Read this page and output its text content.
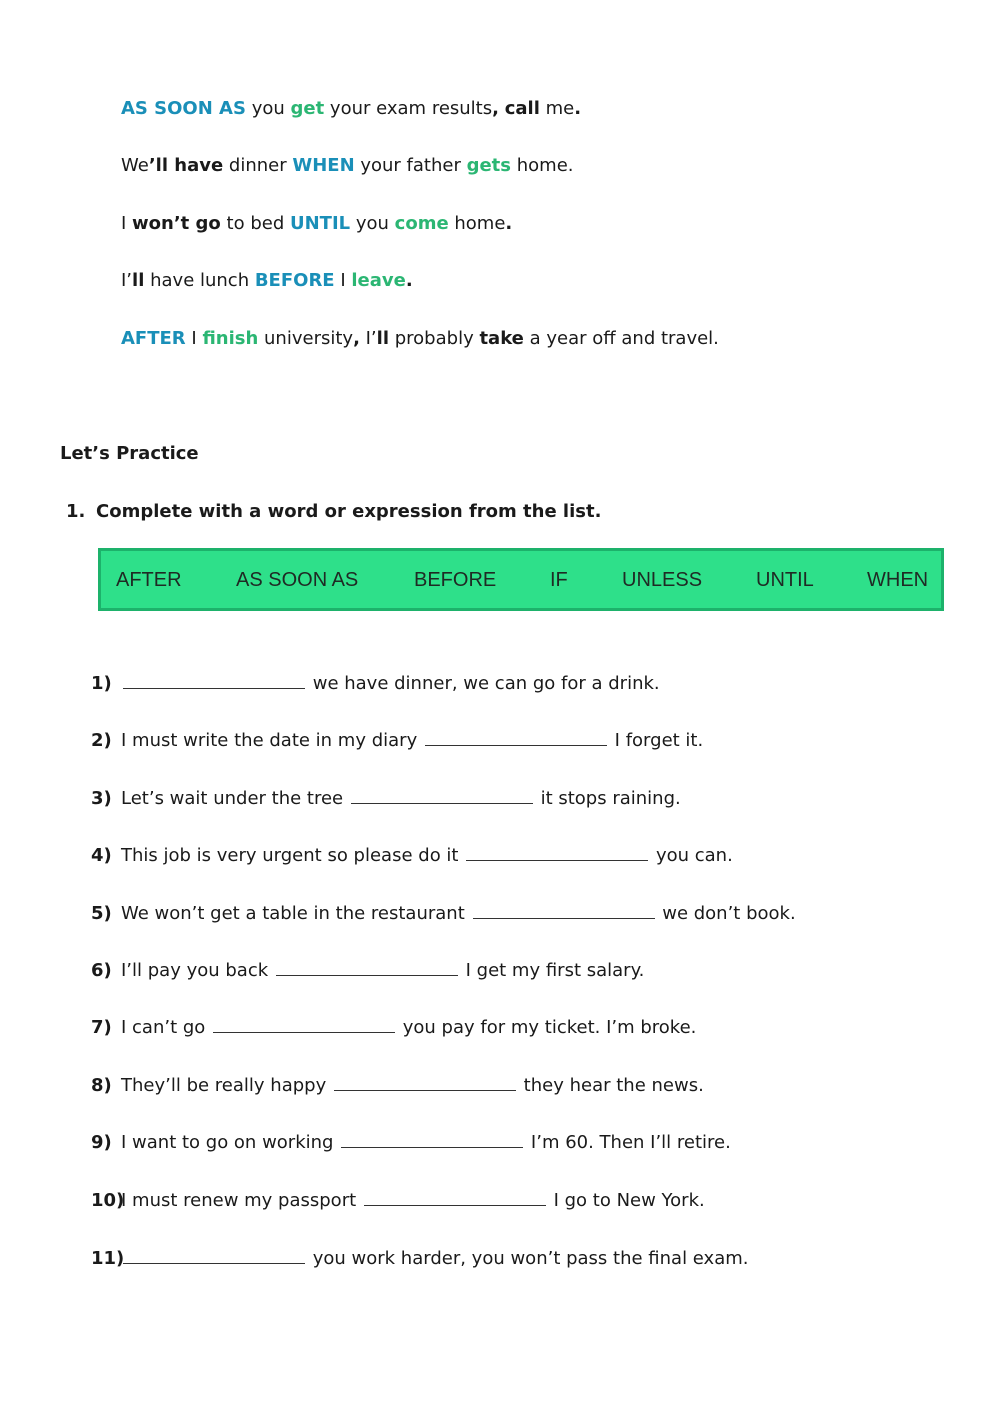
AS SOON AS you get your exam results, call me.
We’ll have dinner WHEN your father gets home.
I won’t go to bed UNTIL you come home.
I’ll have lunch BEFORE I leave.
AFTER I finish university, I’ll probably take a year off and travel.
Let’s Practice
1. Complete with a word or expression from the list.
AFTER	AS SOON AS	BEFORE	IF	UNLESS	UNTIL	WHEN
1)	we have dinner, we can go for a drink.
2) I must write the date in my diary	I forget it.
3) Let’s wait under the tree	it stops raining.
4) This job is very urgent so please do it	you can.
5) We won’t get a table in the restaurant	we don’t book.
6) I’ll pay you back	I get my first salary.
7) I can’t go	you pay for my ticket. I’m broke.
8) They’ll be really happy	they hear the news.
9) I want to go on working	I’m 60. Then I’ll retire.
10)I must renew my passport	I go to New York.
11)	you work harder, you won’t pass the final exam.
